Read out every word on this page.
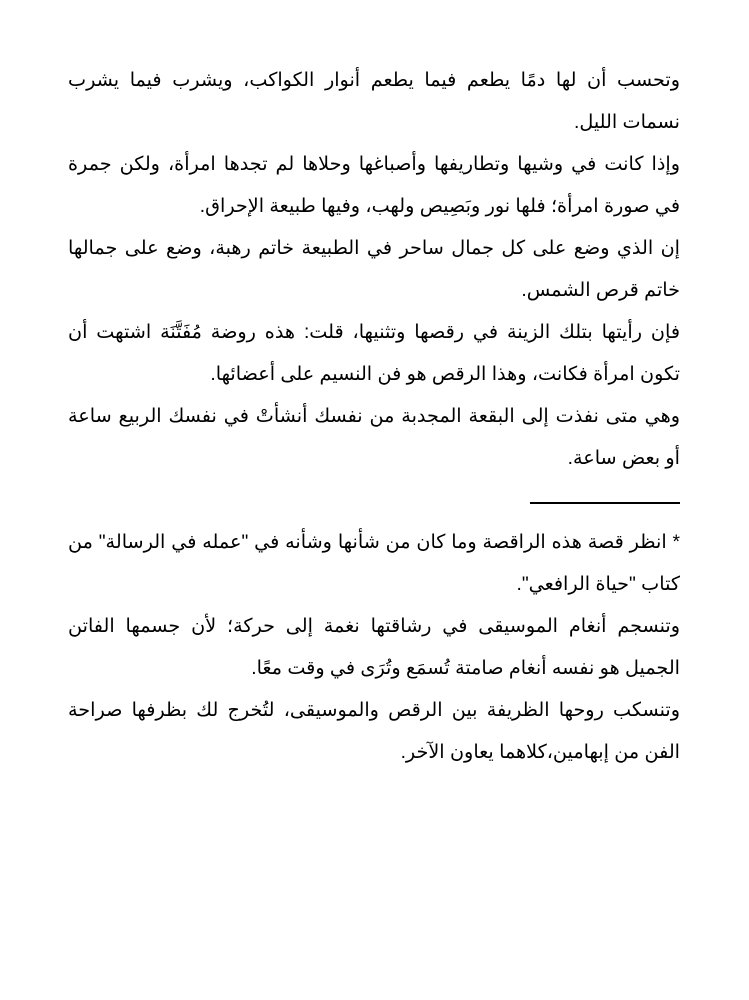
وتحسب أن لها دمًا يطعم فيما يطعم أنوار الكواكب، ويشرب فيما يشرب نسمات الليل.

وإذا كانت في وشيها وتطاريفها وأصباغها وحلاها لم تجدها امرأة، ولكن جمرة في صورة امرأة؛ فلها نور وبَصِيص ولهب، وفيها طبيعة الإحراق.

إن الذي وضع على كل جمال ساحر في الطبيعة خاتم رهبة، وضع على جمالها خاتم قرص الشمس.

فإن رأيتها بتلك الزينة في رقصها وتثنيها، قلت: هذه روضة مُفَتَّنَة اشتهت أن تكون امرأة فكانت، وهذا الرقص هو فن النسيم على أعضائها.

وهي متى نفذت إلى البقعة المجدبة من نفسك أنشأتْ في نفسك الربيع ساعة أو بعض ساعة.

* انظر قصة هذه الراقصة وما كان من شأنها وشأنه في "عمله في الرسالة" من كتاب "حياة الرافعي".

وتنسجم أنغام الموسيقى في رشاقتها نغمة إلى حركة؛ لأن جسمها الفاتن الجميل هو نفسه أنغام صامتة تُسمَع وتُرَى في وقت معًا.

وتنسكب روحها الظريفة بين الرقص والموسيقى، لتُخرج لك بظرفها صراحة الفن من إبهامين،كلاهما يعاون الآخر.
